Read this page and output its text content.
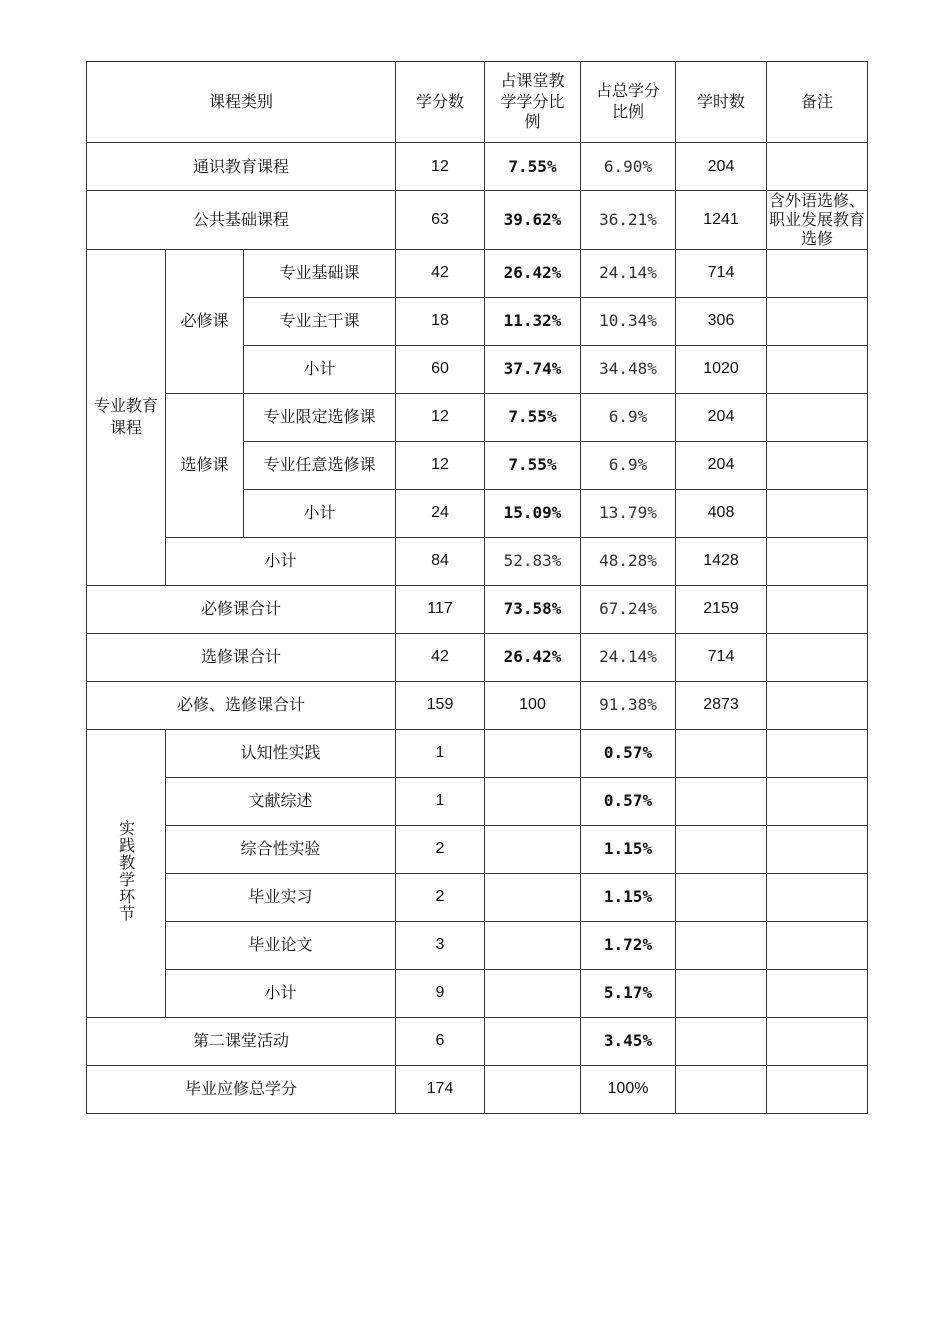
课程类别			学分数	占课堂教学学分比例	占总学分比例	学时数	备注
通识教育课程			12	7.55%	6.90%	204	
公共基础课程			63	39.62%	36.21%	1241	含外语选修、职业发展教育选修
专业教育课程	必修课	专业基础课	42	26.42%	24.14%	714	
		专业主干课	18	11.32%	10.34%	306	
		小计	60	37.74%	34.48%	1020	
	选修课	专业限定选修课	12	7.55%	6.9%	204	
		专业任意选修课	12	7.55%	6.9%	204	
		小计	24	15.09%	13.79%	408	
	小计		84	52.83%	48.28%	1428	
必修课合计			117	73.58%	67.24%	2159	
选修课合计			42	26.42%	24.14%	714	
必修、选修课合计			159	100	91.38%	2873	
实践教学环节	认知性实践		1		0.57%		
	文献综述		1		0.57%		
	综合性实验		2		1.15%		
	毕业实习		2		1.15%		
	毕业论文		3		1.72%		
	小计		9		5.17%		
第二课堂活动			6		3.45%		
毕业应修总学分			174		100%		
